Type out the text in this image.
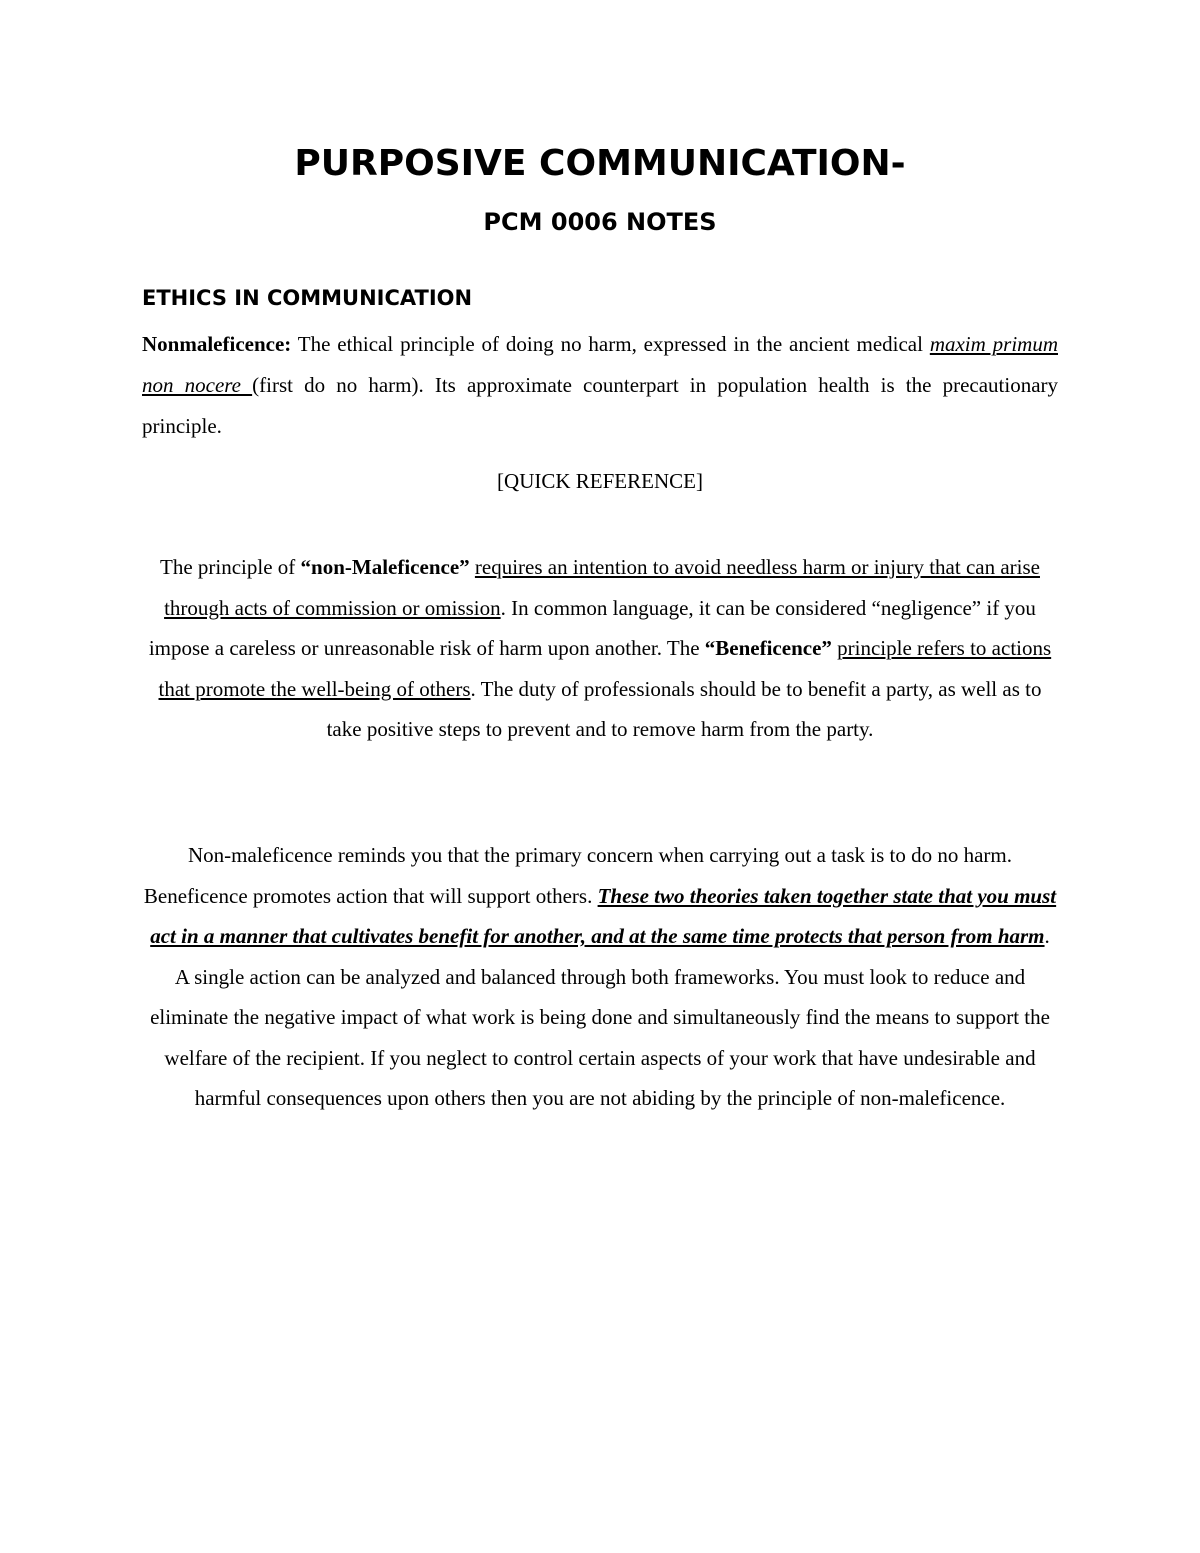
PURPOSIVE COMMUNICATION-
PCM 0006 NOTES
ETHICS IN COMMUNICATION

Nonmaleficence: The ethical principle of doing no harm, expressed in the ancient medical maxim primum non nocere (first do no harm). Its approximate counterpart in population health is the precautionary principle.

[QUICK REFERENCE]

The principle of “non-Maleficence” requires an intention to avoid needless harm or injury that can arise through acts of commission or omission. In common language, it can be considered “negligence” if you impose a careless or unreasonable risk of harm upon another. The “Beneficence” principle refers to actions that promote the well-being of others. The duty of professionals should be to benefit a party, as well as to take positive steps to prevent and to remove harm from the party.

Non-maleficence reminds you that the primary concern when carrying out a task is to do no harm. Beneficence promotes action that will support others. These two theories taken together state that you must act in a manner that cultivates benefit for another, and at the same time protects that person from harm. A single action can be analyzed and balanced through both frameworks. You must look to reduce and eliminate the negative impact of what work is being done and simultaneously find the means to support the welfare of the recipient. If you neglect to control certain aspects of your work that have undesirable and harmful consequences upon others then you are not abiding by the principle of non-maleficence.
